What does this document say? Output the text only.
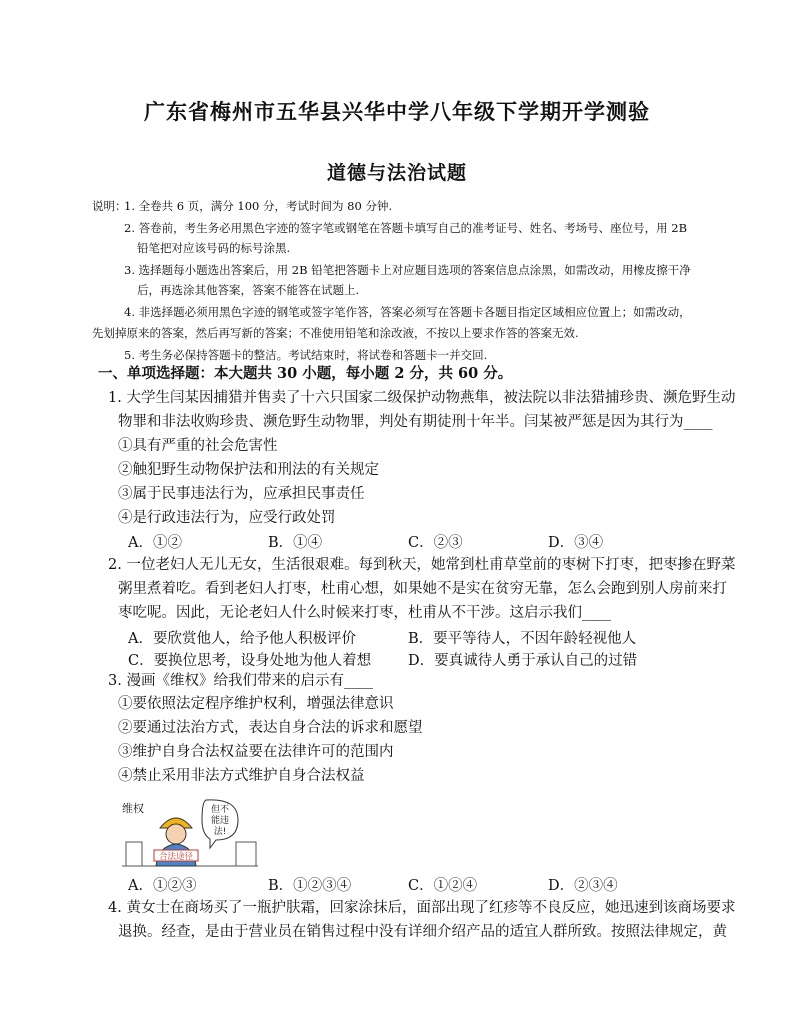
广东省梅州市五华县兴华中学八年级下学期开学测验
道德与法治试题
说明：
1. 全卷共 6 页，满分 100 分，考试时间为 80 分钟.
2. 答卷前，考生务必用黑色字迹的签字笔或钢笔在答题卡填写自己的准考证号、姓名、考场号、座位号，用 2B
铅笔把对应该号码的标号涂黑.
3. 选择题每小题选出答案后，用 2B 铅笔把答题卡上对应题目选项的答案信息点涂黑，如需改动，用橡皮擦干净
后，再选涂其他答案，答案不能答在试题上.
4. 非选择题必须用黑色字迹的钢笔或签字笔作答，答案必须写在答题卡各题目指定区域相应位置上；如需改动，
先划掉原来的答案，然后再写新的答案；不准使用铅笔和涂改液，不按以上要求作答的答案无效.
5. 考生务必保持答题卡的整洁。考试结束时，将试卷和答题卡一并交回.
一、单项选择题：本大题共 30 小题，每小题 2 分，共 60 分。
1. 大学生闫某因捕猎并售卖了十六只国家二级保护动物燕隼，被法院以非法猎捕珍贵、濒危野生动
物罪和非法收购珍贵、濒危野生动物罪，判处有期徒刑十年半。闫某被严惩是因为其行为____
①具有严重的社会危害性
②触犯野生动物保护法和刑法的有关规定
③属于民事违法行为，应承担民事责任
④是行政违法行为，应受行政处罚
A．①②	B．①④	C．②③	D．③④
2. 一位老妇人无儿无女，生活很艰难。每到秋天，她常到杜甫草堂前的枣树下打枣，把枣掺在野菜
粥里煮着吃。看到老妇人打枣，杜甫心想，如果她不是实在贫穷无靠，怎么会跑到别人房前来打
枣吃呢。因此，无论老妇人什么时候来打枣，杜甫从不干涉。这启示我们____
A．要欣赏他人，给予他人积极评价	B．要平等待人，不因年龄轻视他人
C．要换位思考，设身处地为他人着想	D．要真诚待人勇于承认自己的过错
3. 漫画《维权》给我们带来的启示有____
①要依照法定程序维护权利，增强法律意识
②要通过法治方式，表达自身合法的诉求和愿望
③维护自身合法权益要在法律许可的范围内
④禁止采用非法方式维护自身合法权益
维权
合法途径
但不
能违
法!
A．①②③	B．①②③④	C．①②④	D．②③④
4. 黄女士在商场买了一瓶护肤霜，回家涂抹后，面部出现了红疹等不良反应，她迅速到该商场要求
退换。经查，是由于营业员在销售过程中没有详细介绍产品的适宜人群所致。按照法律规定，黄
